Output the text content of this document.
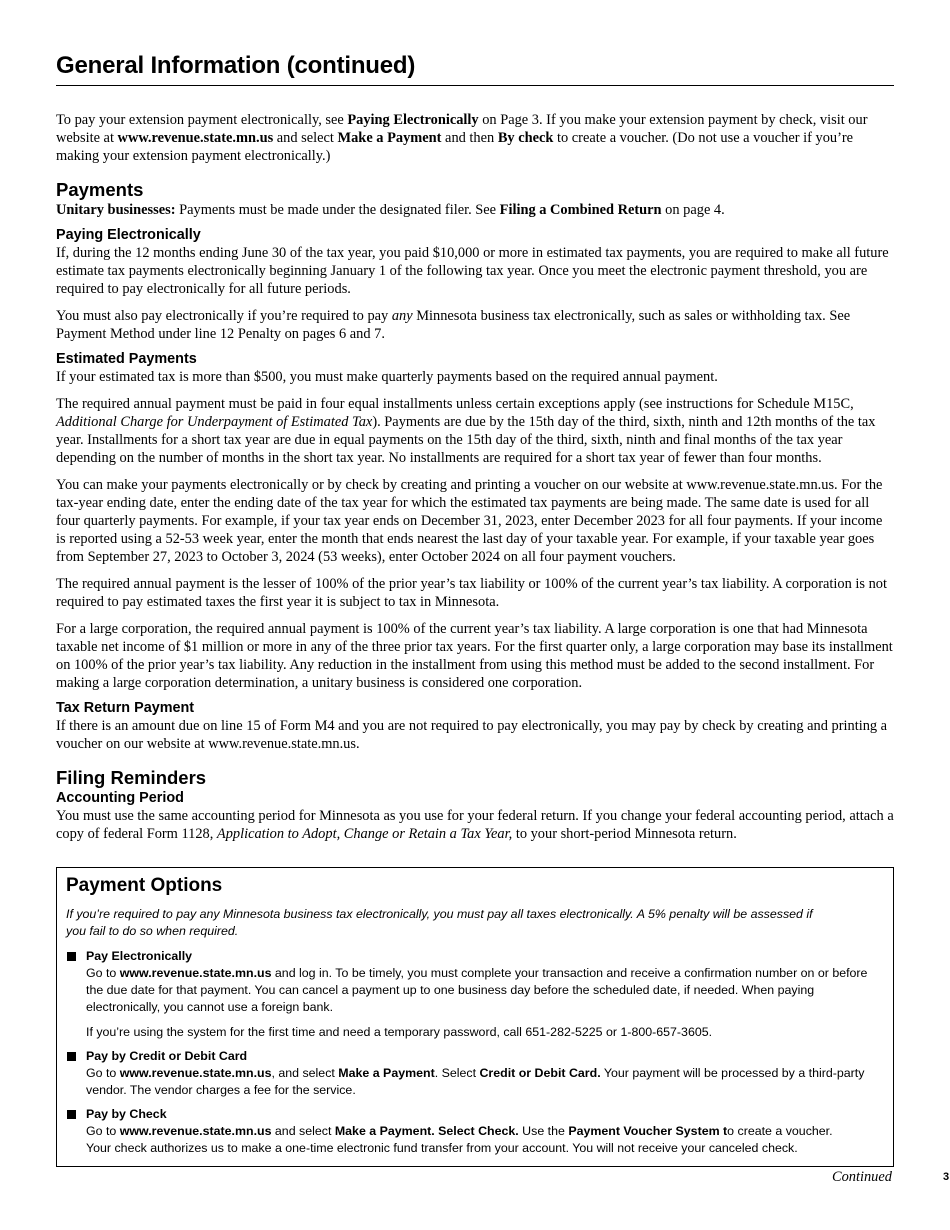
General Information (continued)

To pay your extension payment electronically, see Paying Electronically on Page 3. If you make your extension payment by check, visit our website at www.revenue.state.mn.us and select Make a Payment and then By check to create a voucher. (Do not use a voucher if you’re making your extension payment electronically.)

Payments

Unitary businesses: Payments must be made under the designated filer. See Filing a Combined Return on page 4.

Paying Electronically

If, during the 12 months ending June 30 of the tax year, you paid $10,000 or more in estimated tax payments, you are required to make all future estimate tax payments electronically beginning January 1 of the following tax year. Once you meet the electronic payment threshold, you are required to pay electronically for all future periods.

You must also pay electronically if you’re required to pay any Minnesota business tax electronically, such as sales or withholding tax. See Payment Method under line 12 Penalty on pages 6 and 7.

Estimated Payments

If your estimated tax is more than $500, you must make quarterly payments based on the required annual payment.

The required annual payment must be paid in four equal installments unless certain exceptions apply (see instructions for Schedule M15C, Additional Charge for Underpayment of Estimated Tax). Payments are due by the 15th day of the third, sixth, ninth and 12th months of the tax year. Installments for a short tax year are due in equal payments on the 15th day of the third, sixth, ninth and final months of the tax year depending on the number of months in the short tax year. No installments are required for a short tax year of fewer than four months.

You can make your payments electronically or by check by creating and printing a voucher on our website at www.revenue.state.mn.us. For the tax-year ending date, enter the ending date of the tax year for which the estimated tax payments are being made. The same date is used for all four quarterly payments. For example, if your tax year ends on December 31, 2023, enter December 2023 for all four payments. If your income is reported using a 52-53 week year, enter the month that ends nearest the last day of your taxable year. For example, if your taxable year goes from September 27, 2023 to October 3, 2024 (53 weeks), enter October 2024 on all four payment vouchers.

The required annual payment is the lesser of 100% of the prior year’s tax liability or 100% of the current year’s tax liability. A corporation is not required to pay estimated taxes the first year it is subject to tax in Minnesota.

For a large corporation, the required annual payment is 100% of the current year’s tax liability. A large corporation is one that had Minnesota taxable net income of $1 million or more in any of the three prior tax years. For the first quarter only, a large corporation may base its installment on 100% of the prior year’s tax liability. Any reduction in the installment from using this method must be added to the second installment. For making a large corporation determination, a unitary business is considered one corporation.

Tax Return Payment

If there is an amount due on line 15 of Form M4 and you are not required to pay electronically, you may pay by check by creating and printing a voucher on our website at www.revenue.state.mn.us.

Filing Reminders
Accounting Period

You must use the same accounting period for Minnesota as you use for your federal return. If you change your federal accounting period, attach a copy of federal Form 1128, Application to Adopt, Change or Retain a Tax Year, to your short-period Minnesota return.

Payment Options

If you’re required to pay any Minnesota business tax electronically, you must pay all taxes electronically. A 5% penalty will be assessed if you fail to do so when required.

Pay Electronically

Go to www.revenue.state.mn.us and log in. To be timely, you must complete your transaction and receive a confirmation number on or before the due date for that payment. You can cancel a payment up to one business day before the scheduled date, if needed. When paying electronically, you cannot use a foreign bank.

If you’re using the system for the first time and need a temporary password, call 651-282-5225 or 1-800-657-3605.

Pay by Credit or Debit Card

Go to www.revenue.state.mn.us, and select Make a Payment. Select Credit or Debit Card. Your payment will be processed by a third-party vendor. The vendor charges a fee for the service.

Pay by Check

Go to www.revenue.state.mn.us and select Make a Payment. Select Check. Use the Payment Voucher System to create a voucher.

Your check authorizes us to make a one-time electronic fund transfer from your account. You will not receive your canceled check.

Continued	3
